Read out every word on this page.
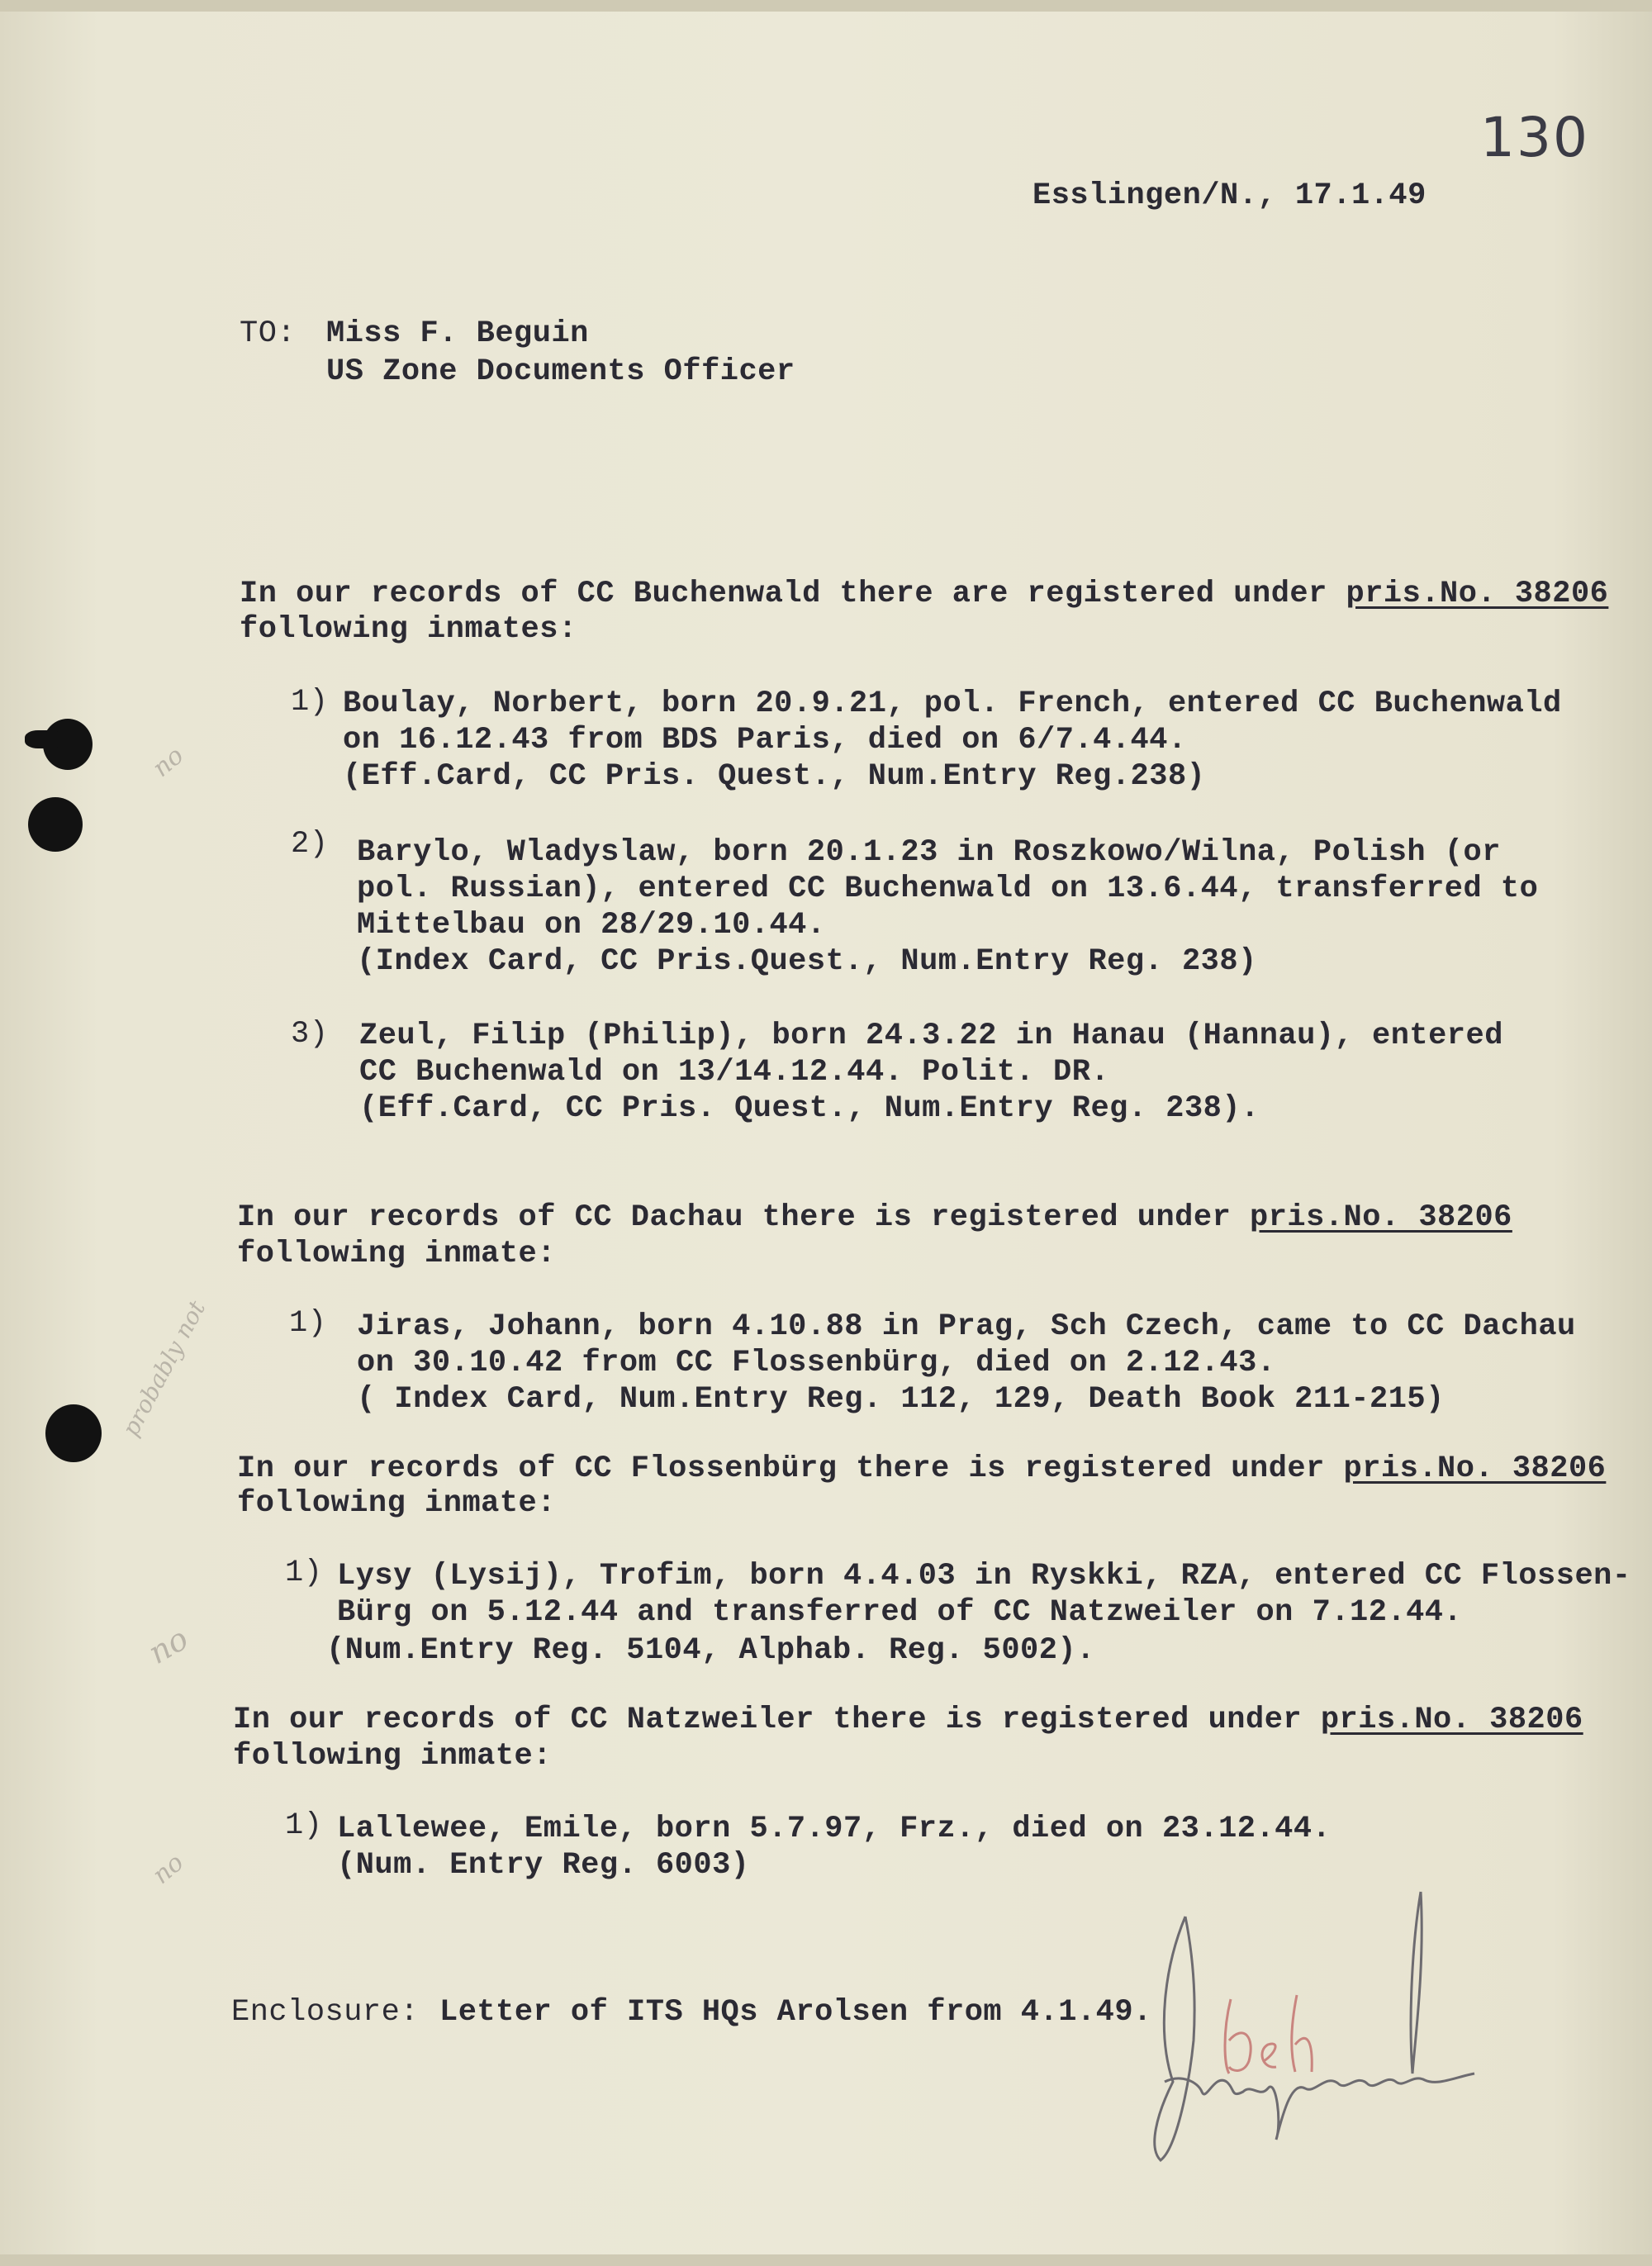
no
probably not
no
no
130
Esslingen/N., 17.1.49
TO: Miss F. Beguin
US Zone Documents Officer
In our records of CC Buchenwald there are registered under pris.No. 38206
following inmates:
1) Boulay, Norbert, born 20.9.21, pol. French, entered CC Buchenwald
on 16.12.43 from BDS Paris, died on 6/7.4.44.
(Eff.Card, CC Pris. Quest., Num.Entry Reg.238)
2) Barylo, Wladyslaw, born 20.1.23 in Roszkowo/Wilna, Polish (or
pol. Russian), entered CC Buchenwald on 13.6.44, transferred to
Mittelbau on 28/29.10.44.
(Index Card, CC Pris.Quest., Num.Entry Reg. 238)
3) Zeul, Filip (Philip), born 24.3.22 in Hanau (Hannau), entered
CC Buchenwald on 13/14.12.44. Polit. DR.
(Eff.Card, CC Pris. Quest., Num.Entry Reg. 238).
In our records of CC Dachau there is registered under pris.No. 38206
following inmate:
1) Jiras, Johann, born 4.10.88 in Prag, Sch Czech, came to CC Dachau
on 30.10.42 from CC Flossenbürg, died on 2.12.43.
( Index Card, Num.Entry Reg. 112, 129, Death Book 211-215)
In our records of CC Flossenbürg there is registered under pris.No. 38206
following inmate:
1) Lysy (Lysij), Trofim, born 4.4.03 in Ryskki, RZA, entered CC Flossen-
Bürg on 5.12.44 and transferred of CC Natzweiler on 7.12.44.
(Num.Entry Reg. 5104, Alphab. Reg. 5002).
In our records of CC Natzweiler there is registered under pris.No. 38206
following inmate:
1) Lallewee, Emile, born 5.7.97, Frz., died on 23.12.44.
(Num. Entry Reg. 6003)
Enclosure: Letter of ITS HQs Arolsen from 4.1.49.
